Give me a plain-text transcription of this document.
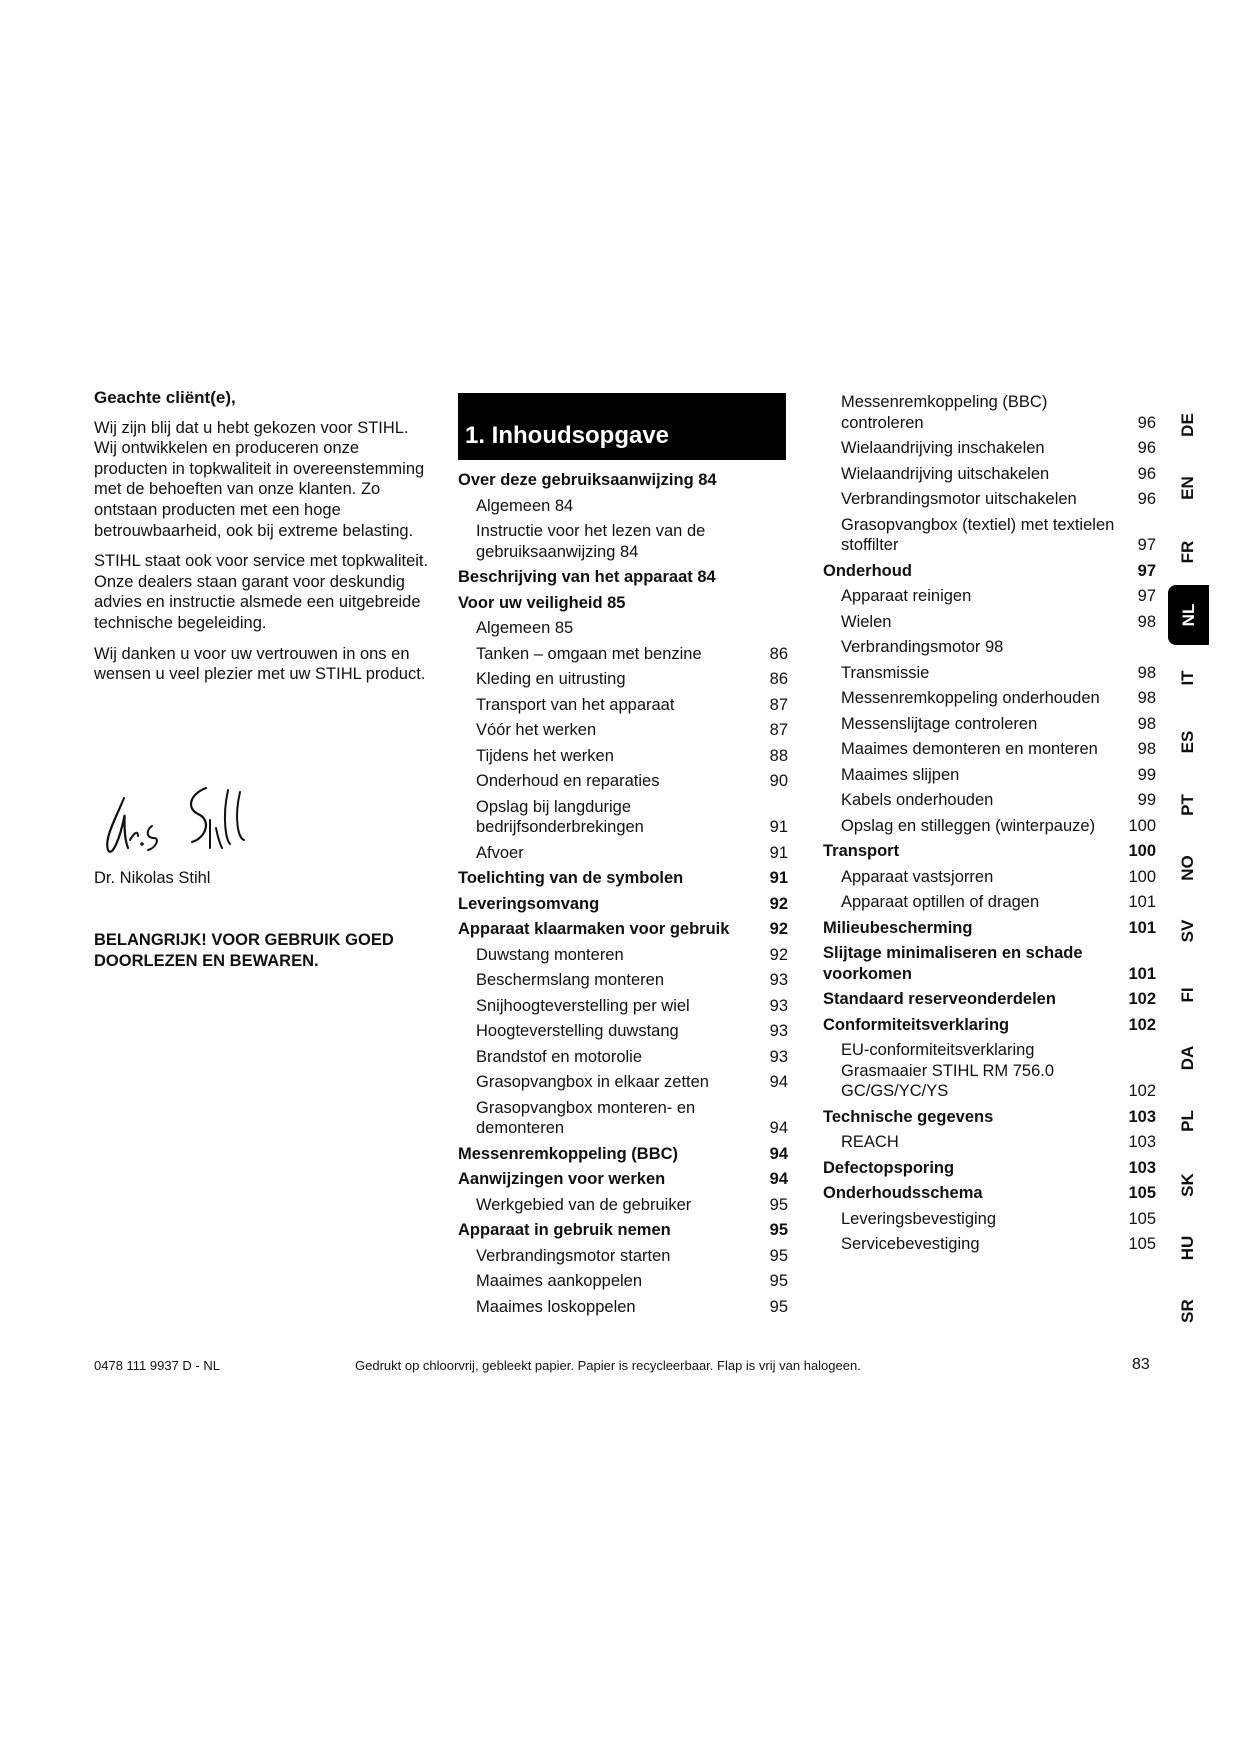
Geachte cliënt(e),

Wij zijn blij dat u hebt gekozen voor STIHL. Wij ontwikkelen en produceren onze producten in topkwaliteit in overeenstemming met de behoeften van onze klanten. Zo ontstaan producten met een hoge betrouwbaarheid, ook bij extreme belasting.

STIHL staat ook voor service met topkwaliteit. Onze dealers staan garant voor deskundig advies en instructie alsmede een uitgebreide technische begeleiding.

Wij danken u voor uw vertrouwen in ons en wensen u veel plezier met uw STIHL product.

Dr. Nikolas Stihl
BELANGRIJK! VOOR GEBRUIK GOED DOORLEZEN EN BEWAREN.
1. Inhoudsopgave
Over deze gebruiksaanwijzing 84
Algemeen 84
Instructie voor het lezen van de gebruiksaanwijzing 84
Beschrijving van het apparaat 84
Voor uw veiligheid 85
Algemeen 85
Tanken – omgaan met benzine	86
Kleding en uitrusting	86
Transport van het apparaat	87
Vóór het werken	87
Tijdens het werken	88
Onderhoud en reparaties	90
Opslag bij langdurige bedrijfsonderbrekingen	91
Afvoer	91
Toelichting van de symbolen	91
Leveringsomvang	92
Apparaat klaarmaken voor gebruik	92
Duwstang monteren	92
Beschermslang monteren	93
Snijhoogteverstelling per wiel	93
Hoogteverstelling duwstang	93
Brandstof en motorolie	93
Grasopvangbox in elkaar zetten	94
Grasopvangbox monteren- en demonteren	94
Messenremkoppeling (BBC)	94
Aanwijzingen voor werken	94
Werkgebied van de gebruiker	95
Apparaat in gebruik nemen	95
Verbrandingsmotor starten	95
Maaimes aankoppelen	95
Maaimes loskoppelen	95
Messenremkoppeling (BBC) controleren	96
Wielaandrijving inschakelen	96
Wielaandrijving uitschakelen	96
Verbrandingsmotor uitschakelen	96
Grasopvangbox (textiel) met textielen stoffilter	97
Onderhoud	97
Apparaat reinigen	97
Wielen	98
Verbrandingsmotor 98
Transmissie	98
Messenremkoppeling onderhouden	98
Messenslijtage controleren	98
Maaimes demonteren en monteren	98
Maaimes slijpen	99
Kabels onderhouden	99
Opslag en stilleggen (winterpauze)	100
Transport	100
Apparaat vastsjorren	100
Apparaat optillen of dragen	101
Milieubescherming	101
Slijtage minimaliseren en schade voorkomen	101
Standaard reserveonderdelen	102
Conformiteitsverklaring	102
EU-conformiteitsverklaring Grasmaaier STIHL RM 756.0 GC/GS/YC/YS	102
Technische gegevens	103
REACH	103
Defectopsporing	103
Onderhoudsschema	105
Leveringsbevestiging	105
Servicebevestiging	105
DE
EN
FR
NL
IT
ES
PT
NO
SV
FI
DA
PL
SK
HU
SR
0478 111 9937 D - NL	Gedrukt op chloorvrij, gebleekt papier. Papier is recycleerbaar. Flap is vrij van halogeen.	83
